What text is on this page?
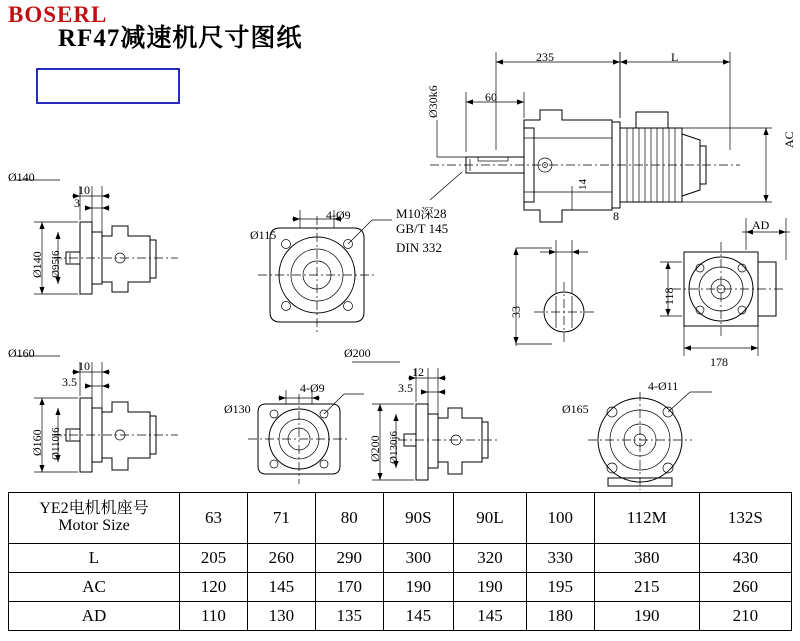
RF47减速机尺寸图纸
BOSERL
235	L
60
Ø30k6
AC
AD
14
M10深28
GB/T 145
DIN 332
8
33
118
178
Ø140
Ø140 Ø95j6
10
3
Ø115
4-Ø9
Ø160
Ø160 Ø110j6
10
3.5
Ø130
4-Ø9
Ø200
Ø200 Ø130j6
12
3.5
Ø165
4-Ø11
YE2电机机座号
Motor Size	63	71	80	90S	90L	100	112M	132S
L	205	260	290	300	320	330	380	430
AC	120	145	170	190	190	195	215	260
AD	110	130	135	145	145	180	190	210
